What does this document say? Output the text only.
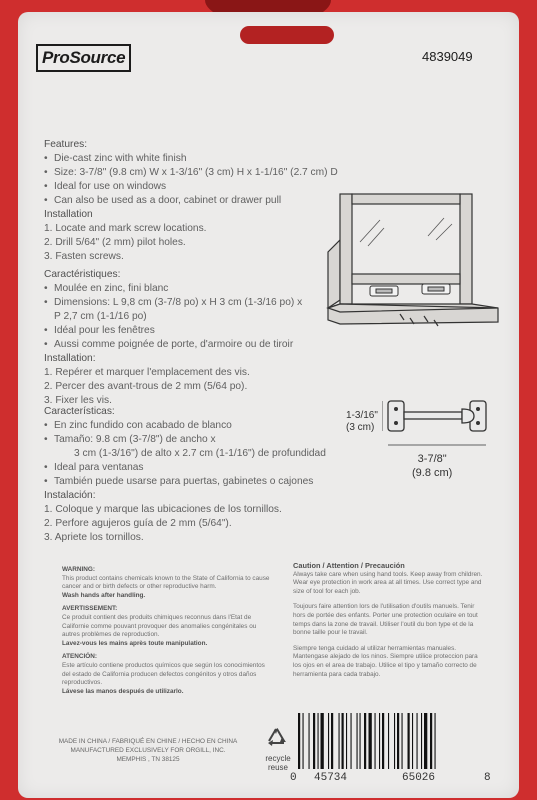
ProSource	4839049
Features:
• Die-cast zinc with white finish
• Size: 3-7/8" (9.8 cm) W x 1-3/16" (3 cm) H x 1-1/16" (2.7 cm) D
• Ideal for use on windows
• Can also be used as a door, cabinet or drawer pull
Installation
1. Locate and mark screw locations.
2. Drill 5/64" (2 mm) pilot holes.
3. Fasten screws.
Caractéristiques:
• Moulée en zinc, fini blanc
• Dimensions: L 9,8 cm (3-7/8 po) x H 3 cm (1-3/16 po) x
P 2,7 cm (1-1/16 po)
• Idéal pour les fenêtres
• Aussi comme poignée de porte, d'armoire ou de tiroir
Installation:
1. Repérer et marquer l'emplacement des vis.
2. Percer des avant-trous de 2 mm (5/64 po).
3. Fixer les vis.
Características:
• En zinc fundido con acabado de blanco
• Tamaño: 9.8 cm (3-7/8") de ancho x
3 cm (1-3/16") de alto x 2.7 cm (1-1/16") de profundidad
• Ideal para ventanas
• También puede usarse para puertas, gabinetes o cajones
Instalación:
1. Coloque y marque las ubicaciones de los tornillos.
2. Perfore agujeros guía de 2 mm (5/64").
3. Apriete los tornillos.
1-3/16"
(3 cm)
3-7/8"
(9.8 cm)
WARNING:
This product contains chemicals known to the State of California to cause cancer and or birth defects or other reproductive harm.
Wash hands after handling.
AVERTISSEMENT:
Ce produit contient des produits chimiques reconnus dans l'Etat de Californie comme pouvant provoquer des anomalies congénitales ou autres problèmes de reproduction.
Lavez-vous les mains après toute manipulation.
ATENCIÓN:
Este artículo contiene productos químicos que según los conocimientos del estado de California producen defectos congénitos y otros daños reproductivos.
Lávese las manos después de utilizarlo.
Caution / Attention / Precaución
Always take care when using hand tools. Keep away from children. Wear eye protection in work area at all times. Use correct type and size of tool for each job.
Toujours faire attention lors de l'utilisation d'outils manuels. Tenir hors de portée des enfants. Porter une protection oculaire en tout temps dans la zone de travail. Utiliser l'outil du bon type et de la bonne taille pour le travail.
Siempre tenga cuidado al utilizar herramientas manuales. Mantengase alejado de los ninos. Siempre utilice proteccion para los ojos en el area de trabajo. Utilice el tipo y tamaño correcto de herramienta para cada trabajo.
MADE IN CHINA / FABRIQUÉ EN CHINE / HECHO EN CHINA
MANUFACTURED EXCLUSIVELY FOR ORGILL, INC.
MEMPHIS , TN 38125	recycle
reuse
0 45734	65026	8
